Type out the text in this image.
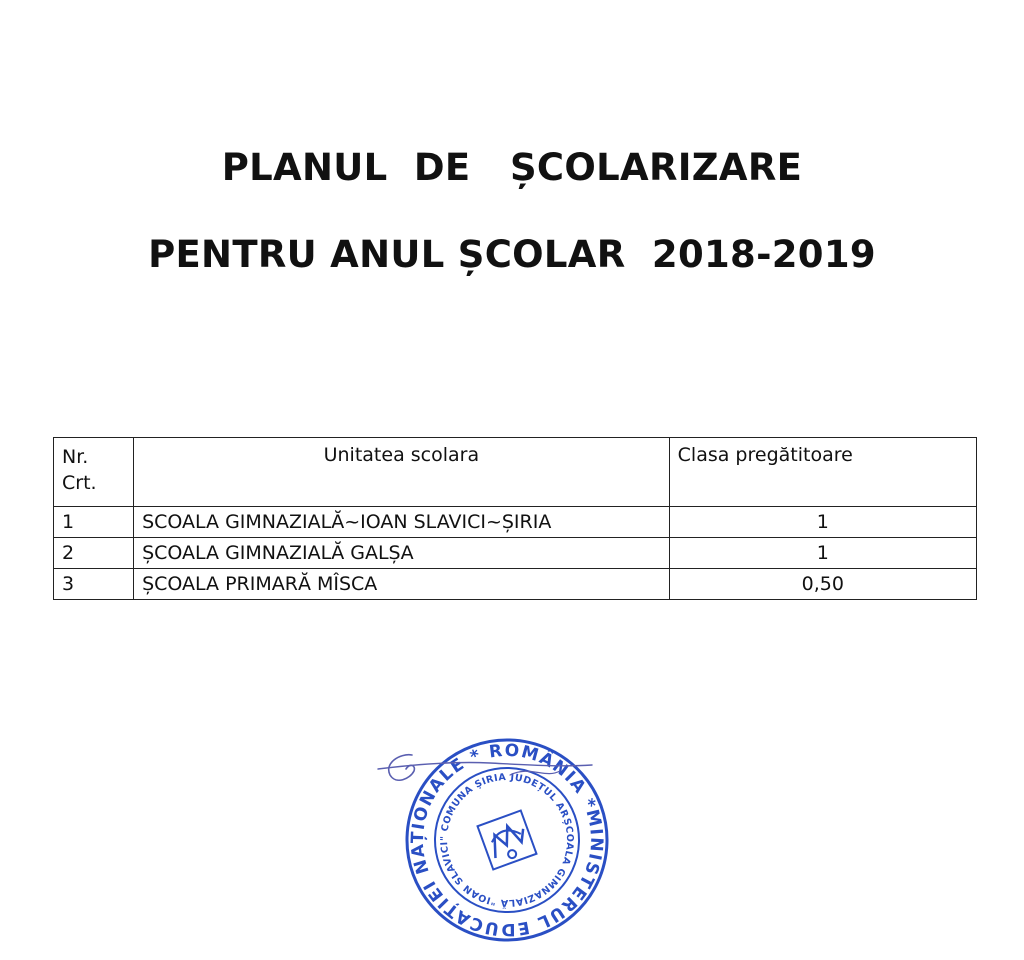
PLANUL  DE   ȘCOLARIZARE
PENTRU ANUL ȘCOLAR  2018-2019
Nr. Crt.	Unitatea scolara	Clasa pregătitoare
1	SCOALA GIMNAZIALĂ~IOAN SLAVICI~ȘIRIA	1
2	ȘCOALA GIMNAZIALĂ GALȘA	1
3	ȘCOALA PRIMARĂ MÎSCA	0,50
MINISTERUL EDUCAȚIEI NAȚIONALE * ROMÂNIA *
ȘCOALA GIMNAZIALĂ "IOAN SLAVICI" COMUNA ȘIRIA JUDEȚUL ARAD
